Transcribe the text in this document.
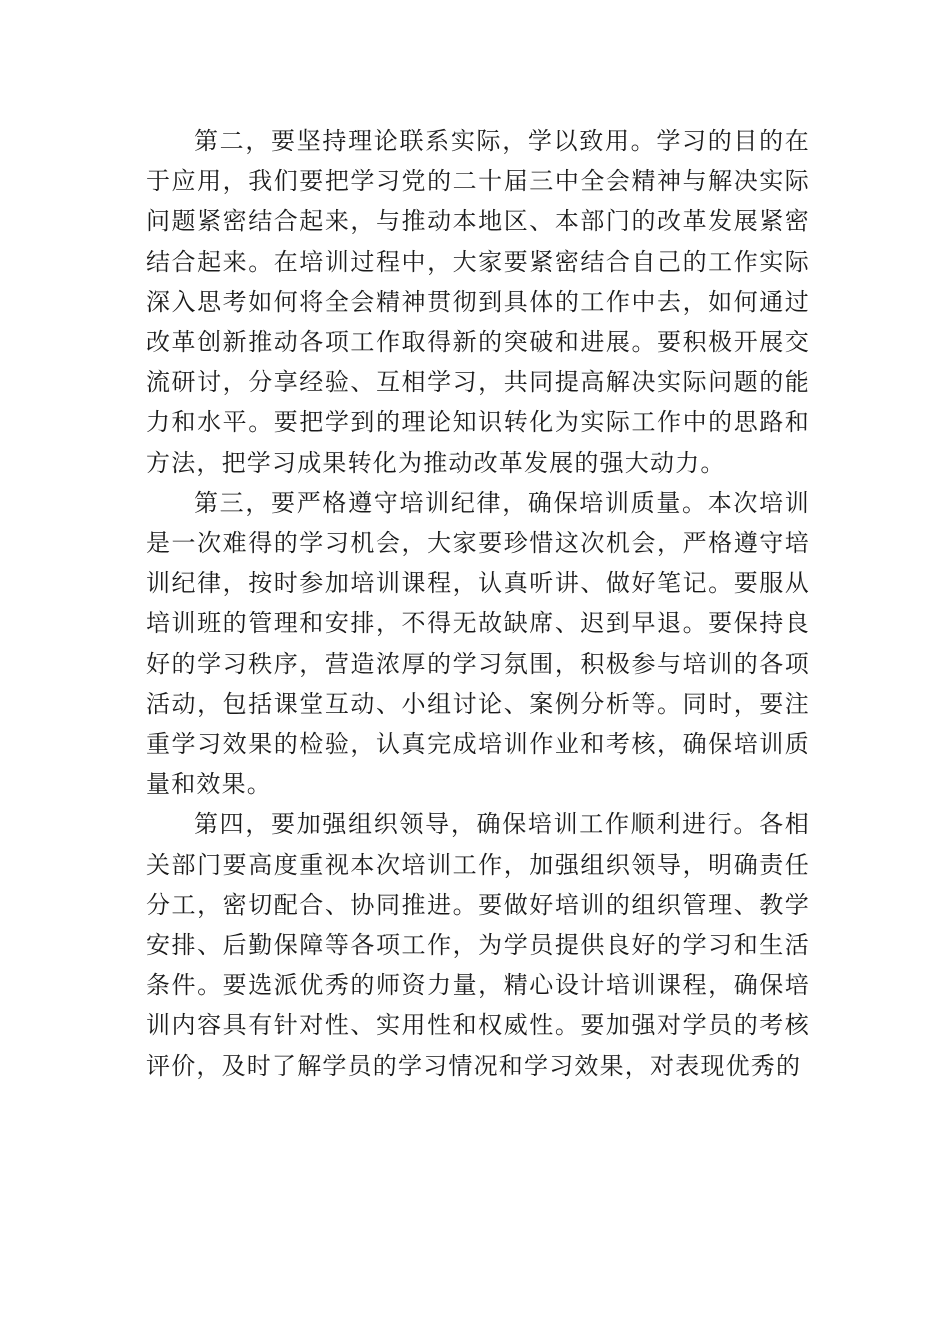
第二，要坚持理论联系实际，学以致用。学习的目的在于应用，我们要把学习党的二十届三中全会精神与解决实际问题紧密结合起来，与推动本地区、本部门的改革发展紧密结合起来。在培训过程中，大家要紧密结合自己的工作实际深入思考如何将全会精神贯彻到具体的工作中去，如何通过改革创新推动各项工作取得新的突破和进展。要积极开展交流研讨，分享经验、互相学习，共同提高解决实际问题的能力和水平。要把学到的理论知识转化为实际工作中的思路和方法，把学习成果转化为推动改革发展的强大动力。

第三，要严格遵守培训纪律，确保培训质量。本次培训是一次难得的学习机会，大家要珍惜这次机会，严格遵守培训纪律，按时参加培训课程，认真听讲、做好笔记。要服从培训班的管理和安排，不得无故缺席、迟到早退。要保持良好的学习秩序，营造浓厚的学习氛围，积极参与培训的各项活动，包括课堂互动、小组讨论、案例分析等。同时，要注重学习效果的检验，认真完成培训作业和考核，确保培训质量和效果。

第四，要加强组织领导，确保培训工作顺利进行。各相关部门要高度重视本次培训工作，加强组织领导，明确责任分工，密切配合、协同推进。要做好培训的组织管理、教学安排、后勤保障等各项工作，为学员提供良好的学习和生活条件。要选派优秀的师资力量，精心设计培训课程，确保培训内容具有针对性、实用性和权威性。要加强对学员的考核评价，及时了解学员的学习情况和学习效果，对表现优秀的
